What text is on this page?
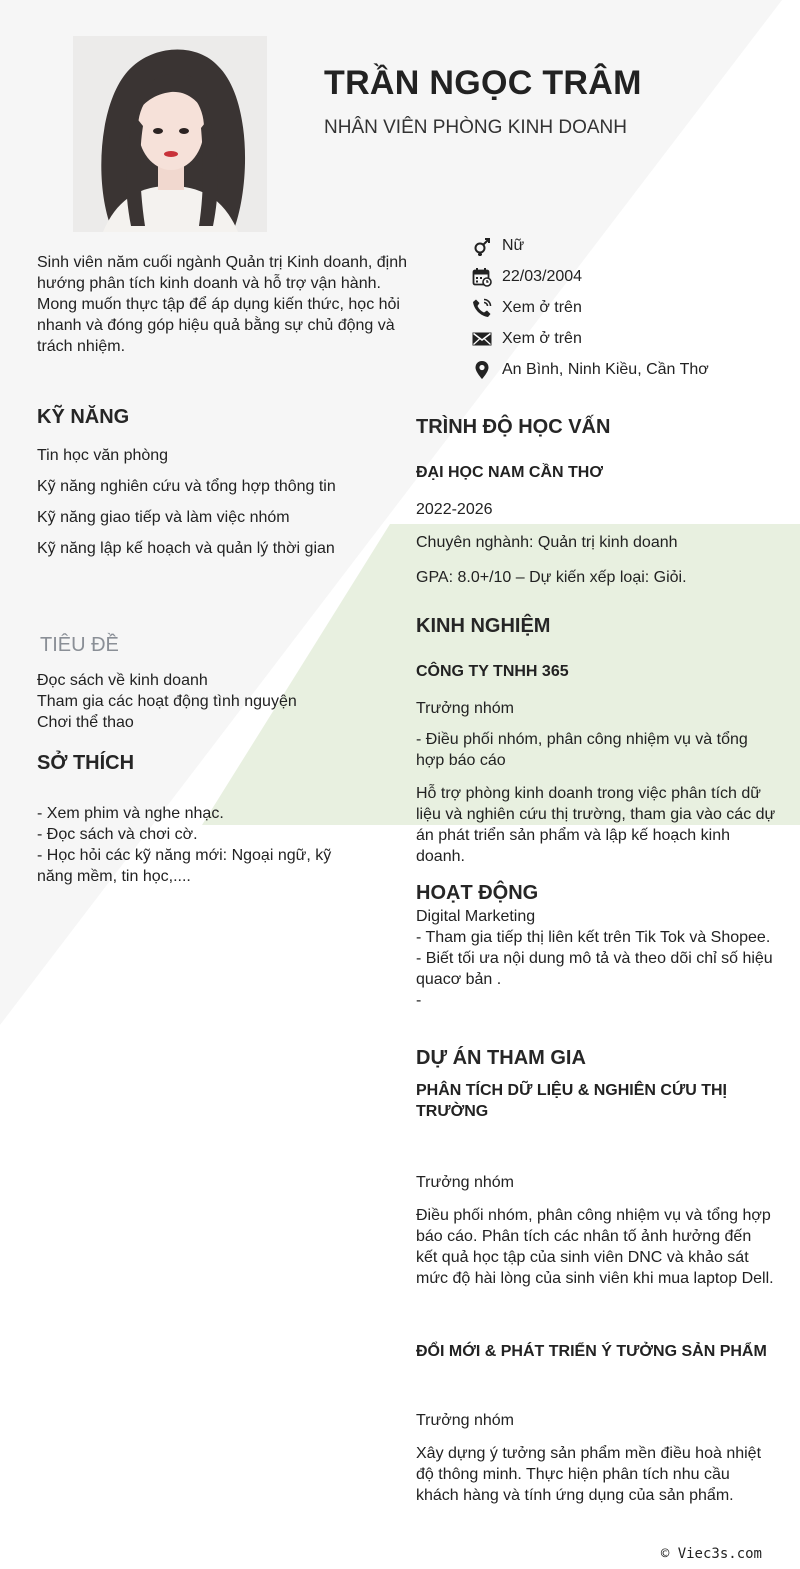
TRẦN NGỌC TRÂM
NHÂN VIÊN PHÒNG KINH DOANH
Sinh viên năm cuối ngành Quản trị Kinh doanh, định hướng phân tích kinh doanh và hỗ trợ vận hành. Mong muốn thực tập để áp dụng kiến thức, học hỏi nhanh và đóng góp hiệu quả bằng sự chủ động và trách nhiệm.
Nữ
22/03/2004
Xem ở trên
Xem ở trên
An Bình, Ninh Kiều, Cần Thơ
KỸ NĂNG
Tin học văn phòng
Kỹ năng nghiên cứu và tổng hợp thông tin
Kỹ năng giao tiếp và làm việc nhóm
Kỹ năng lập kế hoạch và quản lý thời gian
TIÊU ĐỀ
Đọc sách về kinh doanh
Tham gia các hoạt động tình nguyện
Chơi thể thao
SỞ THÍCH
- Xem phim và nghe nhạc.
- Đọc sách và chơi cờ.
- Học hỏi các kỹ năng mới: Ngoại ngữ, kỹ năng mềm, tin học,....
TRÌNH ĐỘ HỌC VẤN
ĐẠI HỌC NAM CẦN THƠ
2022-2026
Chuyên nghành: Quản trị kinh doanh
GPA: 8.0+/10 – Dự kiến xếp loại: Giỏi.
KINH NGHIỆM
CÔNG TY TNHH 365
Trưởng nhóm
- Điều phối nhóm, phân công nhiệm vụ và tổng hợp báo cáo
Hỗ trợ phòng kinh doanh trong việc phân tích dữ liệu và nghiên cứu thị trường, tham gia vào các dự án phát triển sản phẩm và lập kế hoạch kinh doanh.
HOẠT ĐỘNG
Digital Marketing
- Tham gia tiếp thị liên kết trên Tik Tok và Shopee.
- Biết tối ưa nội dung mô tả và theo dõi chỉ số hiệu quacơ bản .
-
DỰ ÁN THAM GIA
PHÂN TÍCH DỮ LIỆU & NGHIÊN CỨU THỊ TRƯỜNG
Trưởng nhóm
Điều phối nhóm, phân công nhiệm vụ và tổng hợp báo cáo. Phân tích các nhân tố ảnh hưởng đến kết quả học tập của sinh viên DNC và khảo sát mức độ hài lòng của sinh viên khi mua laptop Dell.
ĐỔI MỚI & PHÁT TRIỂN Ý TƯỞNG SẢN PHẨM
Trưởng nhóm
Xây dựng ý tưởng sản phẩm mền điều hoà nhiệt độ thông minh. Thực hiện phân tích nhu cầu khách hàng và tính ứng dụng của sản phẩm.
© Viec3s.com
